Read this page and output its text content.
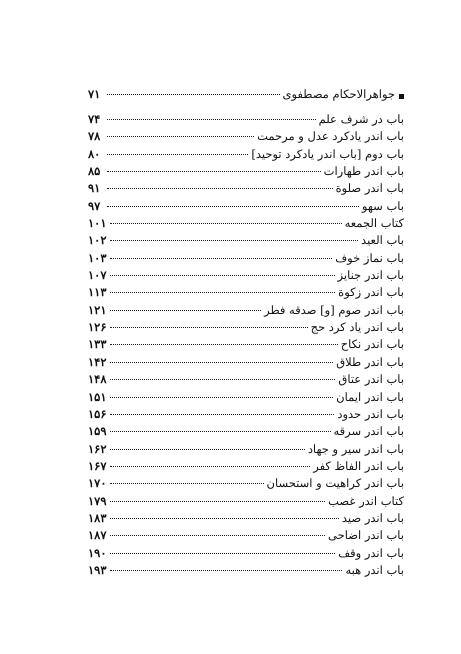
جواهرالاحکام مصطفوی
۷۱
باب در شرف علم
۷۴
باب اندر یادکرد عدل و مرحمت
۷۸
باب دوم [باب اندر یادکرد توحید]
۸۰
باب اندر طهارات
۸۵
باب اندر صلوة
۹۱
باب سهو
۹۷
کتاب الجمعه
۱۰۱
باب العید
۱۰۲
باب نماز خوف
۱۰۳
باب اندر جنایز
۱۰۷
باب اندر زکوة
۱۱۳
باب اندر صوم [و] صدقه فطر
۱۲۱
باب اندر یاد کرد حج
۱۲۶
باب اندر نکاح
۱۳۳
باب اندر طلاق
۱۴۲
باب اندر عتاق
۱۴۸
باب اندر ایمان
۱۵۱
باب اندر حدود
۱۵۶
باب اندر سرقه
۱۵۹
باب اندر سیر و جهاد
۱۶۲
باب اندر الفاظ کفر
۱۶۷
باب اندر کراهیت و استحسان
۱۷۰
کتاب اندر غصب
۱۷۹
باب اندر صید
۱۸۳
باب اندر اضاحی
۱۸۷
باب اندر وقف
۱۹۰
باب اندر هبه
۱۹۳
